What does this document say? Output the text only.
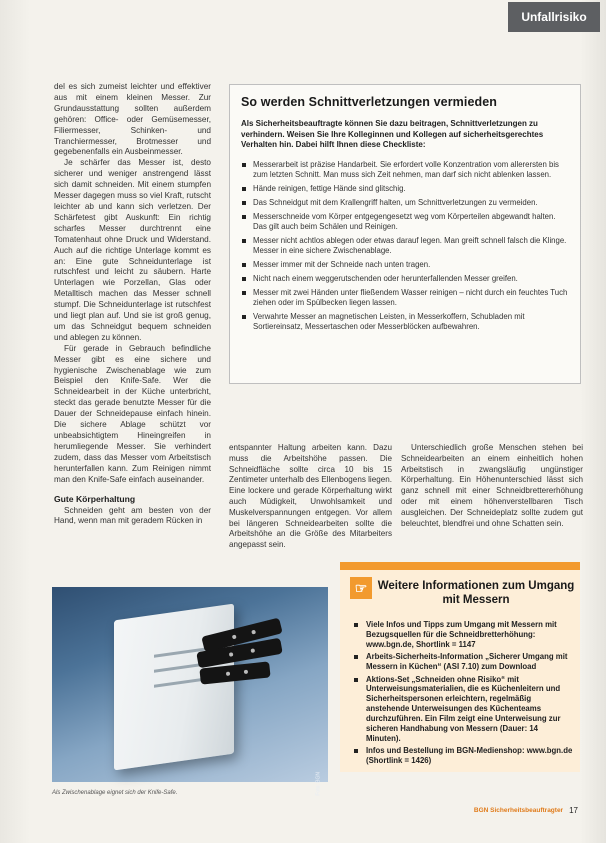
Unfallrisiko

del es sich zumeist leichter und effektiver aus mit einem kleinen Messer. Zur Grundausstattung sollten außerdem gehören: Office- oder Gemüsemesser, Filiermesser, Schinken- und Tranchiermesser, Brotmesser und gegebenenfalls ein Ausbeinmesser.

Je schärfer das Messer ist, desto sicherer und weniger anstrengend lässt sich damit schneiden. Mit einem stumpfen Messer dagegen muss so viel Kraft, rutscht leichter ab und kann sich verletzen. Der Schärfetest gibt Auskunft: Ein richtig scharfes Messer durchtrennt eine Tomatenhaut ohne Druck und Widerstand. Auch auf die richtige Unterlage kommt es an: Eine gute Schneidunterlage ist rutschfest und leicht zu säubern. Harte Unterlagen wie Porzellan, Glas oder Metalltisch machen das Messer schnell stumpf. Die Schneidunterlage ist rutschfest und liegt plan auf. Und sie ist groß genug, um das Schneidgut bequem schneiden und ablegen zu können.

Für gerade in Gebrauch befindliche Messer gibt es eine sichere und hygienische Zwischenablage wie zum Beispiel den Knife-Safe. Wer die Schneidearbeit in der Küche unterbricht, steckt das gerade benutzte Messer für die Dauer der Schneidepause einfach hinein. Die sichere Ablage schützt vor unbeabsichtigtem Hineingreifen in herumliegende Messer. Sie verhindert zudem, dass das Messer vom Arbeitstisch herunterfallen kann. Zum Reinigen nimmt man den Knife-Safe einfach auseinander.

Gute Körperhaltung

Schneiden geht am besten von der Hand, wenn man mit geradem Rücken in

So werden Schnittverletzungen vermieden

Als Sicherheitsbeauftragte können Sie dazu beitragen, Schnittverletzungen zu verhindern. Weisen Sie Ihre Kolleginnen und Kollegen auf sicherheitsgerechtes Verhalten hin. Dabei hilft Ihnen diese Checkliste:

Messerarbeit ist präzise Handarbeit. Sie erfordert volle Konzentration vom allerersten bis zum letzten Schnitt. Man muss sich Zeit nehmen, man darf sich nicht ablenken lassen.
Hände reinigen, fettige Hände sind glitschig.
Das Schneidgut mit dem Krallengriff halten, um Schnittverletzungen zu vermeiden.
Messerschneide vom Körper entgegengesetzt weg vom Körperteilen abgewandt halten. Das gilt auch beim Schälen und Reinigen.
Messer nicht achtlos ablegen oder etwas darauf legen. Man greift schnell falsch die Klinge. Messer in eine sichere Zwischenablage.
Messer immer mit der Schneide nach unten tragen.
Nicht nach einem weggerutschenden oder herunterfallenden Messer greifen.
Messer mit zwei Händen unter fließendem Wasser reinigen – nicht durch ein feuchtes Tuch ziehen oder im Spülbecken liegen lassen.
Verwahrte Messer an magnetischen Leisten, in Messerkoffern, Schubladen mit Sortiereinsatz, Messertaschen oder Messerblöcken aufbewahren.

entspannter Haltung arbeiten kann. Dazu muss die Arbeitshöhe passen. Die Schneidfläche sollte circa 10 bis 15 Zentimeter unterhalb des Ellenbogens liegen. Eine lockere und gerade Körperhaltung wirkt auch Müdigkeit, Unwohlsamkeit und Muskelverspannungen entgegen. Vor allem bei längeren Schneidearbeiten sollte die Arbeitshöhe an die Größe des Mitarbeiters angepasst sein.

Unterschiedlich große Menschen stehen bei Schneidearbeiten an einem einheitlich hohen Arbeitstisch in zwangsläufig ungünstiger Körperhaltung. Ein Höhenunterschied lässt sich ganz schnell mit einer Schneidbrettererhöhung oder mit einem höhenverstellbaren Tisch ausgleichen. Der Schneideplatz sollte zudem gut beleuchtet, blendfrei und ohne Schatten sein.

Foto: BGN
Als Zwischenablage eignet sich der Knife-Safe.
☞ Weitere Informationen zum Umgang mit Messern
Viele Infos und Tipps zum Umgang mit Messern mit Bezugsquellen für die Schneidbretterhöhung: www.bgn.de, Shortlink = 1147
Arbeits-Sicherheits-Information „Sicherer Umgang mit Messern in Küchen“ (ASI 7.10) zum Download
Aktions-Set „Schneiden ohne Risiko“ mit Unterweisungsmaterialien, die es Küchenleitern und Sicherheitspersonen erleichtern, regelmäßig anstehende Unterweisungen des Küchenteams durchzuführen. Ein Film zeigt eine Unterweisung zur sicheren Handhabung von Messern (Dauer: 14 Minuten).
Infos und Bestellung im BGN-Medienshop: www.bgn.de (Shortlink = 1426)
BGN Sicherheitsbeauftragter 17
